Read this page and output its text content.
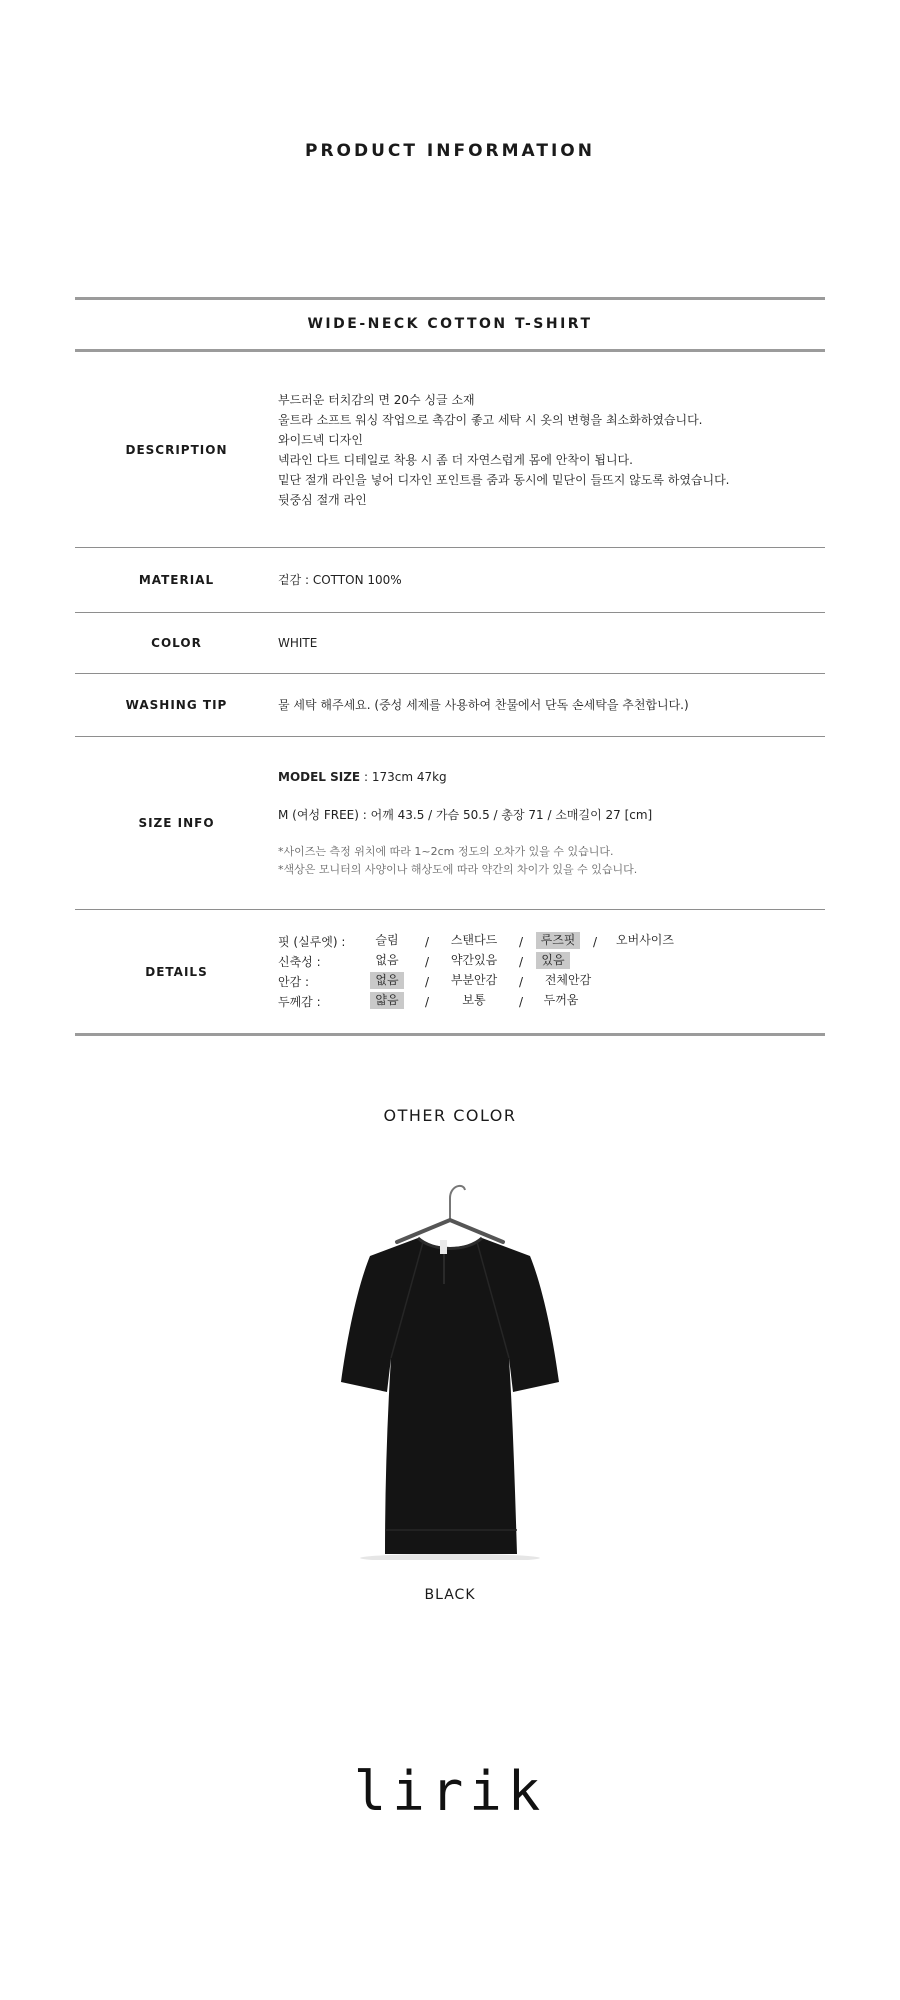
PRODUCT INFORMATION
WIDE-NECK COTTON T-SHIRT
DESCRIPTION
부드러운 터치감의 면 20수 싱글 소재
울트라 소프트 워싱 작업으로 촉감이 좋고 세탁 시 옷의 변형을 최소화하였습니다.
와이드넥 디자인
넥라인 다트 디테일로 착용 시 좀 더 자연스럽게 몸에 안착이 됩니다.
밑단 절개 라인을 넣어 디자인 포인트를 줌과 동시에 밑단이 들뜨지 않도록 하였습니다.
뒷중심 절개 라인
MATERIAL	겉감 : COTTON 100%
COLOR	WHITE
WASHING TIP	물 세탁 해주세요. (중성 세제를 사용하여 찬물에서 단독 손세탁을 추천합니다.)
SIZE INFO
MODEL SIZE : 173cm 47kg
M (여성 FREE) : 어깨 43.5 / 가슴 50.5 / 총장 71 / 소매길이 27 [cm]
*사이즈는 측정 위치에 따라 1~2cm 정도의 오차가 있을 수 있습니다.
*색상은 모니터의 사양이나 해상도에 따라 약간의 차이가 있을 수 있습니다.
DETAILS
핏 (실루엣) :	슬림	/	스탠다드	/	루즈핏	/	오버사이즈
신축성 :	없음	/	약간있음	/	있음
안감 :	없음	/	부분안감	/	전체안감
두께감 :	얇음	/	보통	/	두꺼움
OTHER COLOR
BLACK
lirik
